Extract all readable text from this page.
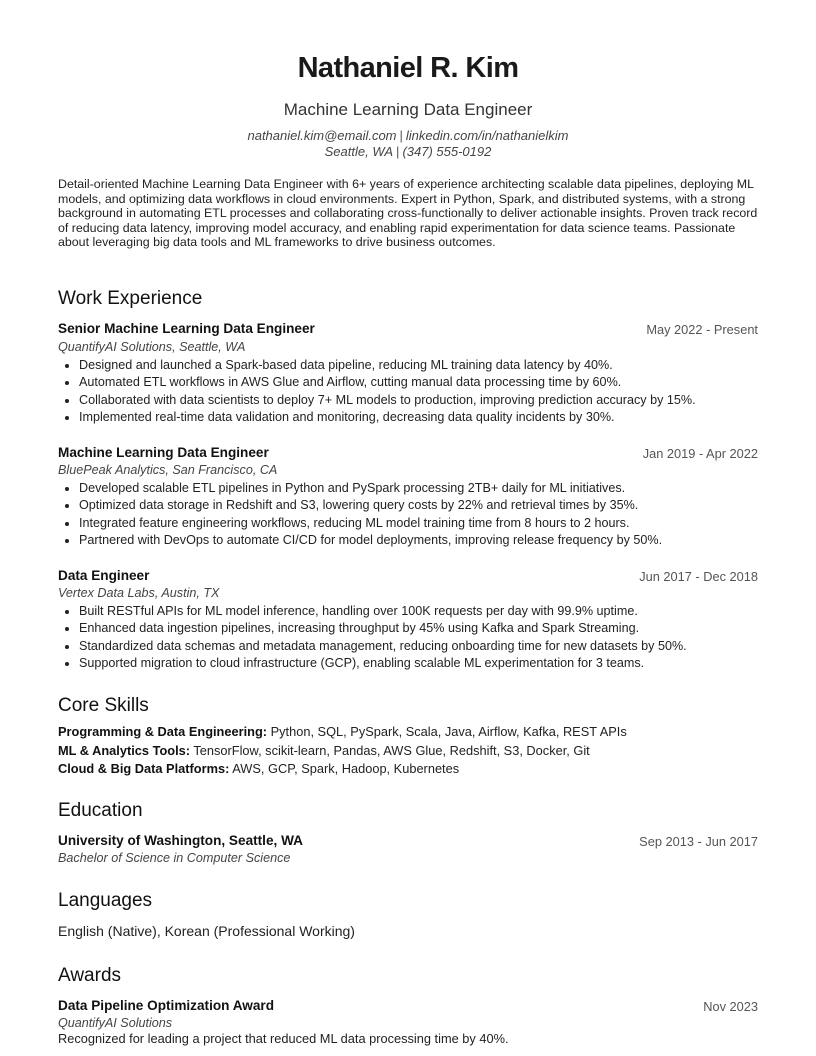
Nathaniel R. Kim
Machine Learning Data Engineer
nathaniel.kim@email.com | linkedin.com/in/nathanielkim
Seattle, WA | (347) 555-0192

Detail-oriented Machine Learning Data Engineer with 6+ years of experience architecting scalable data pipelines, deploying ML models, and optimizing data workflows in cloud environments. Expert in Python, Spark, and distributed systems, with a strong background in automating ETL processes and collaborating cross-functionally to deliver actionable insights. Proven track record of reducing data latency, improving model accuracy, and enabling rapid experimentation for data science teams. Passionate about leveraging big data tools and ML frameworks to drive business outcomes.

Work Experience
Senior Machine Learning Data Engineer	May 2022 - Present
QuantifyAI Solutions, Seattle, WA
• Designed and launched a Spark-based data pipeline, reducing ML training data latency by 40%.
• Automated ETL workflows in AWS Glue and Airflow, cutting manual data processing time by 60%.
• Collaborated with data scientists to deploy 7+ ML models to production, improving prediction accuracy by 15%.
• Implemented real-time data validation and monitoring, decreasing data quality incidents by 30%.
Machine Learning Data Engineer	Jan 2019 - Apr 2022
BluePeak Analytics, San Francisco, CA
• Developed scalable ETL pipelines in Python and PySpark processing 2TB+ daily for ML initiatives.
• Optimized data storage in Redshift and S3, lowering query costs by 22% and retrieval times by 35%.
• Integrated feature engineering workflows, reducing ML model training time from 8 hours to 2 hours.
• Partnered with DevOps to automate CI/CD for model deployments, improving release frequency by 50%.
Data Engineer	Jun 2017 - Dec 2018
Vertex Data Labs, Austin, TX
• Built RESTful APIs for ML model inference, handling over 100K requests per day with 99.9% uptime.
• Enhanced data ingestion pipelines, increasing throughput by 45% using Kafka and Spark Streaming.
• Standardized data schemas and metadata management, reducing onboarding time for new datasets by 50%.
• Supported migration to cloud infrastructure (GCP), enabling scalable ML experimentation for 3 teams.
Core Skills
Programming & Data Engineering: Python, SQL, PySpark, Scala, Java, Airflow, Kafka, REST APIs
ML & Analytics Tools: TensorFlow, scikit-learn, Pandas, AWS Glue, Redshift, S3, Docker, Git
Cloud & Big Data Platforms: AWS, GCP, Spark, Hadoop, Kubernetes
Education
University of Washington, Seattle, WA	Sep 2013 - Jun 2017
Bachelor of Science in Computer Science
Languages
English (Native), Korean (Professional Working)
Awards
Data Pipeline Optimization Award	Nov 2023
QuantifyAI Solutions
Recognized for leading a project that reduced ML data processing time by 40%.
